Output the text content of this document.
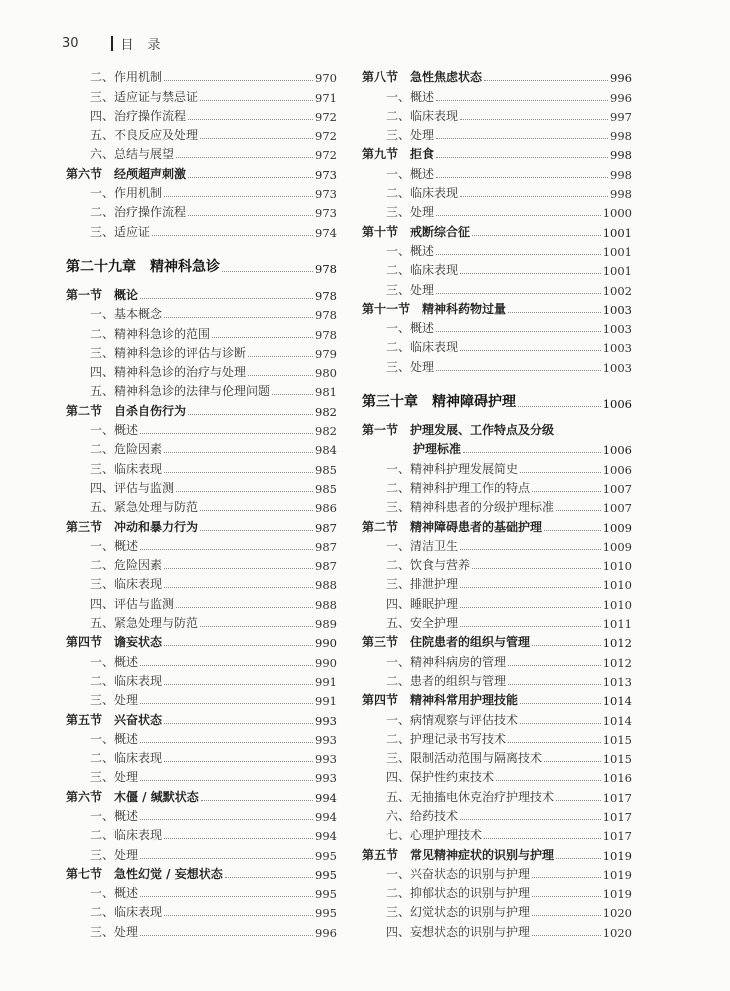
30	目录
二、作用机制	970
三、适应证与禁忌证	971
四、治疗操作流程	972
五、不良反应及处理	972
六、总结与展望	972
第六节　经颅超声刺激	973
一、作用机制	973
二、治疗操作流程	973
三、适应证	974
第二十九章　精神科急诊	978
第一节　概论	978
一、基本概念	978
二、精神科急诊的范围	978
三、精神科急诊的评估与诊断	979
四、精神科急诊的治疗与处理	980
五、精神科急诊的法律与伦理问题	981
第二节　自杀自伤行为	982
一、概述	982
二、危险因素	984
三、临床表现	985
四、评估与监测	985
五、紧急处理与防范	986
第三节　冲动和暴力行为	987
一、概述	987
二、危险因素	987
三、临床表现	988
四、评估与监测	988
五、紧急处理与防范	989
第四节　谵妄状态	990
一、概述	990
二、临床表现	991
三、处理	991
第五节　兴奋状态	993
一、概述	993
二、临床表现	993
三、处理	993
第六节　木僵 / 缄默状态	994
一、概述	994
二、临床表现	994
三、处理	995
第七节　急性幻觉 / 妄想状态	995
一、概述	995
二、临床表现	995
三、处理	996
第八节　急性焦虑状态	996
一、概述	996
二、临床表现	997
三、处理	998
第九节　拒食	998
一、概述	998
二、临床表现	998
三、处理	1000
第十节　戒断综合征	1001
一、概述	1001
二、临床表现	1001
三、处理	1002
第十一节　精神科药物过量	1003
一、概述	1003
二、临床表现	1003
三、处理	1003
第三十章　精神障碍护理	1006
第一节　护理发展、工作特点及分级
护理标准	1006
一、精神科护理发展简史	1006
二、精神科护理工作的特点	1007
三、精神科患者的分级护理标准	1007
第二节　精神障碍患者的基础护理	1009
一、清洁卫生	1009
二、饮食与营养	1010
三、排泄护理	1010
四、睡眠护理	1010
五、安全护理	1011
第三节　住院患者的组织与管理	1012
一、精神科病房的管理	1012
二、患者的组织与管理	1013
第四节　精神科常用护理技能	1014
一、病情观察与评估技术	1014
二、护理记录书写技术	1015
三、限制活动范围与隔离技术	1015
四、保护性约束技术	1016
五、无抽搐电休克治疗护理技术	1017
六、给药技术	1017
七、心理护理技术	1017
第五节　常见精神症状的识别与护理	1019
一、兴奋状态的识别与护理	1019
二、抑郁状态的识别与护理	1019
三、幻觉状态的识别与护理	1020
四、妄想状态的识别与护理	1020
